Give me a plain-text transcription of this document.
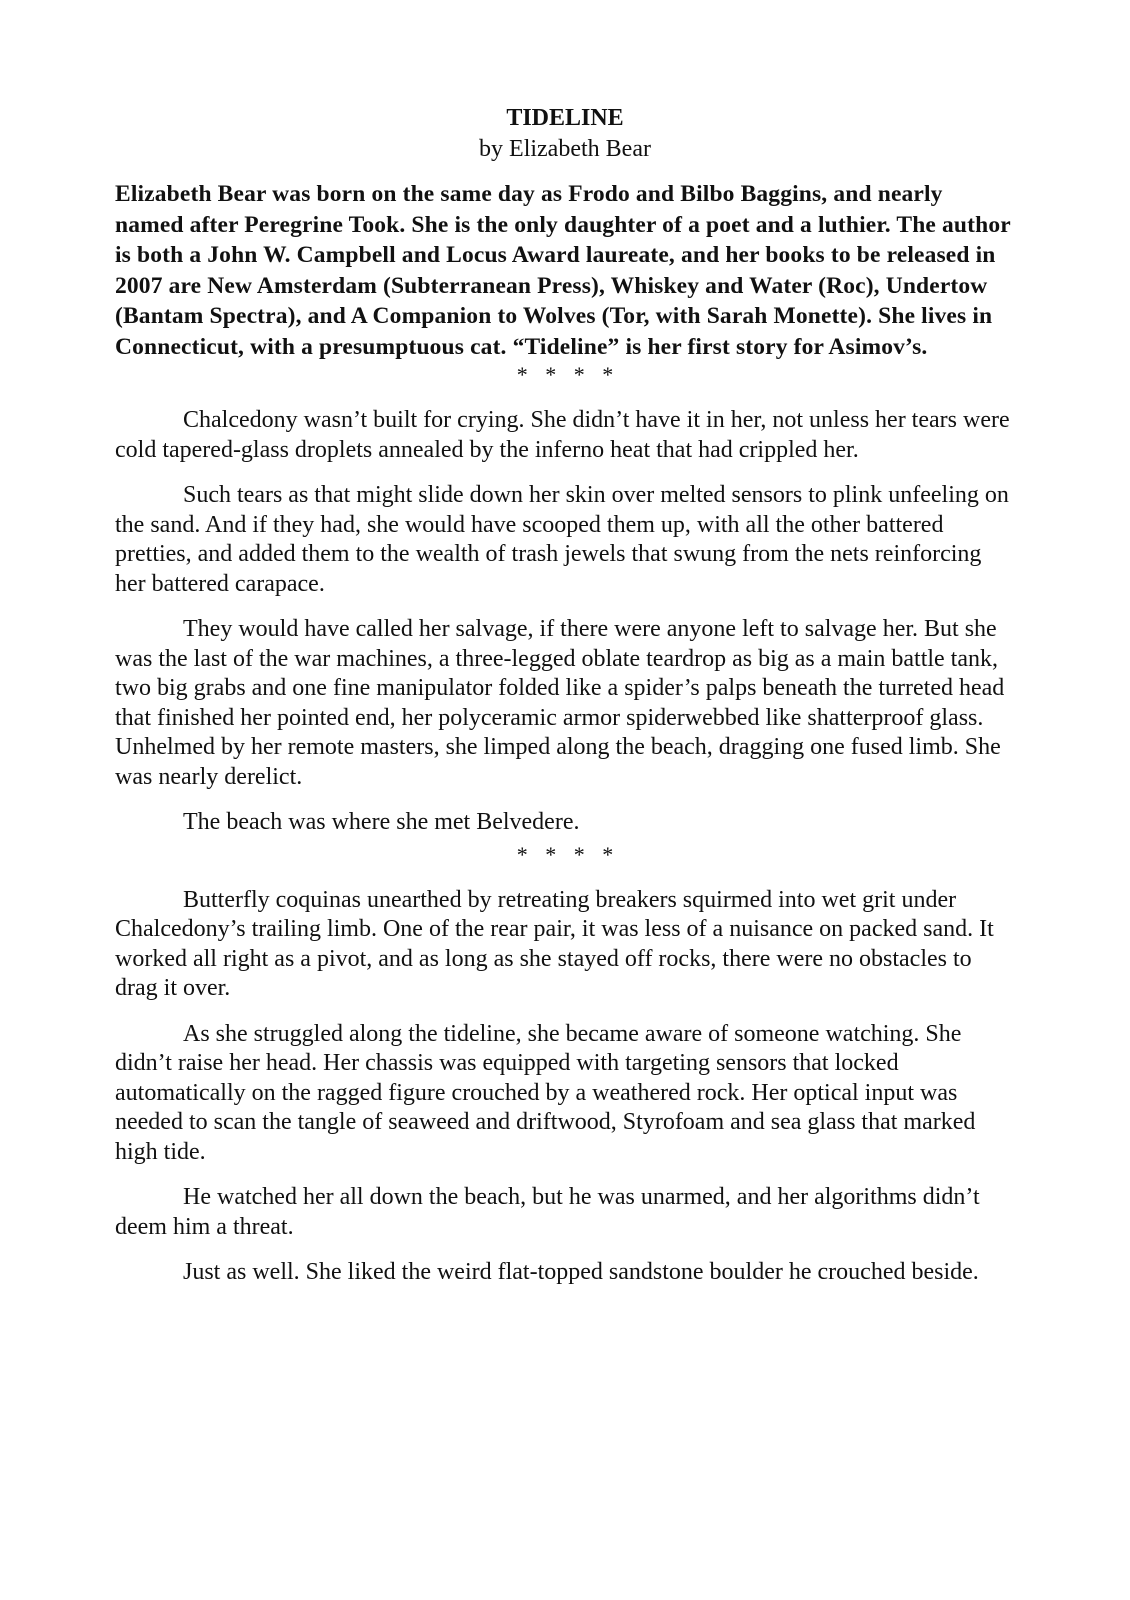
TIDELINE

by Elizabeth Bear

Elizabeth Bear was born on the same day as Frodo and Bilbo Baggins, and nearly named after Peregrine Took. She is the only daughter of a poet and a luthier. The author is both a John W. Campbell and Locus Award laureate, and her books to be released in 2007 are New Amsterdam (Subterranean Press), Whiskey and Water (Roc), Undertow (Bantam Spectra), and A Companion to Wolves (Tor, with Sarah Monette). She lives in Connecticut, with a presumptuous cat. “Tideline” is her first story for Asimov’s.

* * * *

Chalcedony wasn’t built for crying. She didn’t have it in her, not unless her tears were cold tapered-glass droplets annealed by the inferno heat that had crippled her.

Such tears as that might slide down her skin over melted sensors to plink unfeeling on the sand. And if they had, she would have scooped them up, with all the other battered pretties, and added them to the wealth of trash jewels that swung from the nets reinforcing her battered carapace.

They would have called her salvage, if there were anyone left to salvage her. But she was the last of the war machines, a three-legged oblate teardrop as big as a main battle tank, two big grabs and one fine manipulator folded like a spider’s palps beneath the turreted head that finished her pointed end, her polyceramic armor spiderwebbed like shatterproof glass. Unhelmed by her remote masters, she limped along the beach, dragging one fused limb. She was nearly derelict.

The beach was where she met Belvedere.

* * * *

Butterfly coquinas unearthed by retreating breakers squirmed into wet grit under Chalcedony’s trailing limb. One of the rear pair, it was less of a nuisance on packed sand. It worked all right as a pivot, and as long as she stayed off rocks, there were no obstacles to drag it over.

As she struggled along the tideline, she became aware of someone watching. She didn’t raise her head. Her chassis was equipped with targeting sensors that locked automatically on the ragged figure crouched by a weathered rock. Her optical input was needed to scan the tangle of seaweed and driftwood, Styrofoam and sea glass that marked high tide.

He watched her all down the beach, but he was unarmed, and her algorithms didn’t deem him a threat.

Just as well. She liked the weird flat-topped sandstone boulder he crouched beside.
